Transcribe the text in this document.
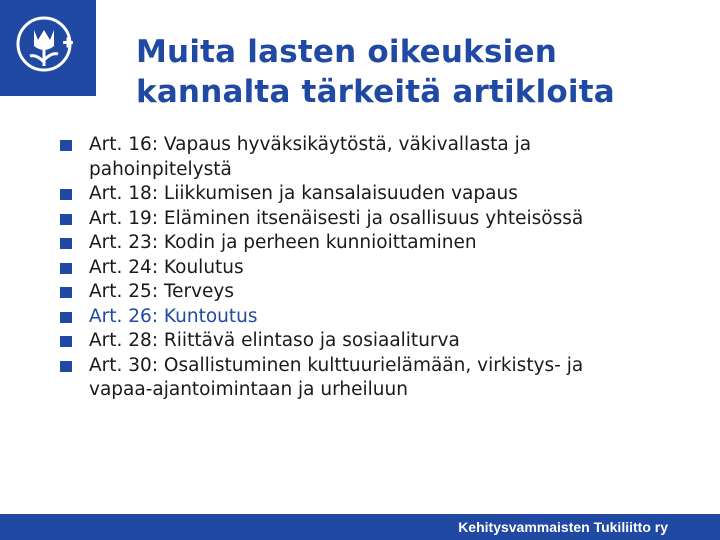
Muita lasten oikeuksien
kannalta tärkeitä artikloita
Art. 16: Vapaus hyväksikäytöstä, väkivallasta ja
pahoinpitelystä
Art. 18: Liikkumisen ja kansalaisuuden vapaus
Art. 19: Eläminen itsenäisesti ja osallisuus yhteisössä
Art. 23: Kodin ja perheen kunnioittaminen
Art. 24: Koulutus
Art. 25: Terveys
Art. 26: Kuntoutus
Art. 28: Riittävä elintaso ja sosiaaliturva
Art. 30: Osallistuminen kulttuurielämään, virkistys- ja
vapaa-ajantoimintaan ja urheiluun
Kehitysvammaisten Tukiliitto ry
